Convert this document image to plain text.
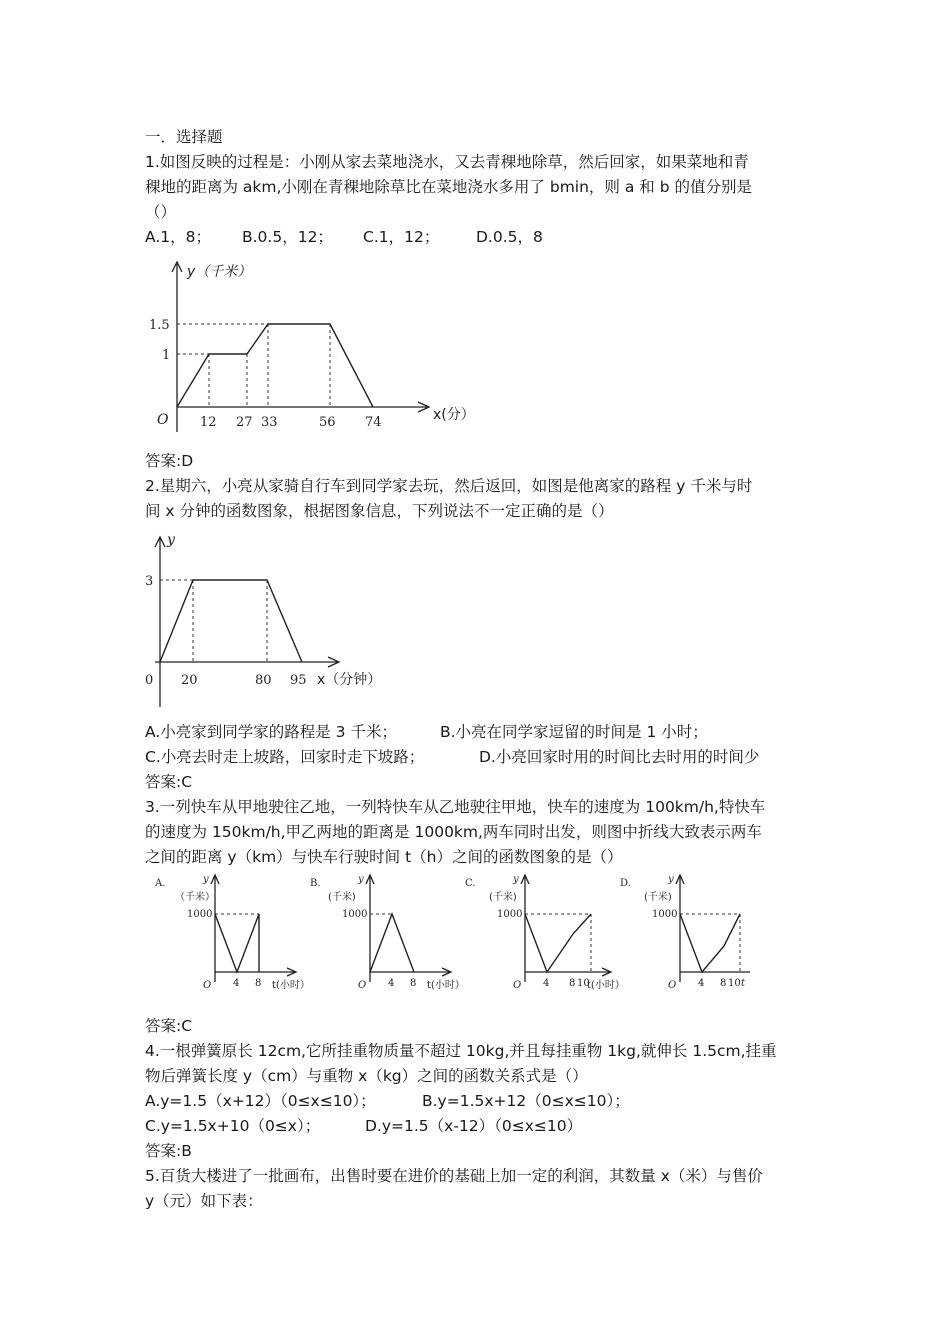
一．选择题
1.如图反映的过程是：小刚从家去菜地浇水，又去青稞地除草，然后回家，如果菜地和青
稞地的距离为 akm,小刚在青稞地除草比在菜地浇水多用了 bmin，则 a 和 b 的值分别是
（）
A.1，8；	B.0.5，12；	C.1，12；	D.0.5，8
y（千米）
O
1.5
1
12 27 33	56 74	x(分）
答案:D
2.星期六，小亮从家骑自行车到同学家去玩，然后返回，如图是他离家的路程 y 千米与时
间 x 分钟的函数图象，根据图象信息，下列说法不一定正确的是（）
y
3
0 20	80 95 x（分钟）
A.小亮家到同学家的路程是 3 千米；	B.小亮在同学家逗留的时间是 1 小时；
C.小亮去时走上坡路，回家时走下坡路；	D.小亮回家时用的时间比去时用的时间少
答案:C
3.一列快车从甲地驶往乙地，一列特快车从乙地驶往甲地，快车的速度为 100km/h,特快车
的速度为 150km/h,甲乙两地的距离是 1000km,两车同时出发，则图中折线大致表示两车
之间的距离 y（km）与快车行驶时间 t（h）之间的函数图象的是（）
A.
（千米）
y
1000
O 4 8 t(小时）
B.
(千米)
y
1000
O 4 8 t(小时）
C.
(千米)
y
1000
O 4 8 10
t(小时）
D.
(千米)
y
1000
O 4 8 10 t
答案:C
4.一根弹簧原长 12cm,它所挂重物质量不超过 10kg,并且每挂重物 1kg,就伸长 1.5cm,挂重
物后弹簧长度 y（cm）与重物 x（kg）之间的函数关系式是（）
A.y=1.5（x+12）（0≤x≤10）；	B.y=1.5x+12（0≤x≤10）；
C.y=1.5x+10（0≤x）；	D.y=1.5（x-12）（0≤x≤10）
答案:B
5.百货大楼进了一批画布，出售时要在进价的基础上加一定的利润，其数量 x（米）与售价
y（元）如下表：
